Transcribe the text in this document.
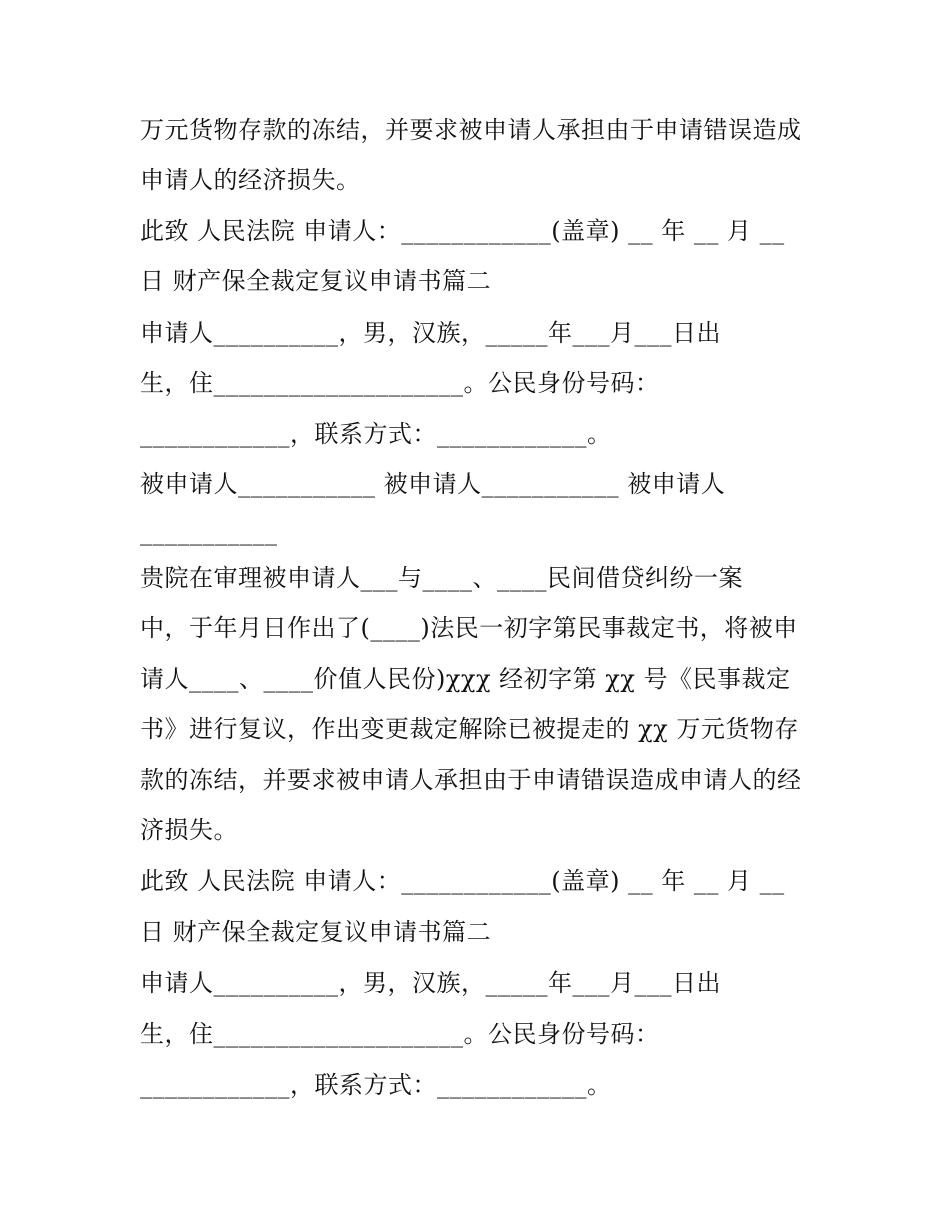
万元货物存款的冻结，并要求被申请人承担由于申请错误造成
申请人的经济损失。
此致 人民法院 申请人：____________(盖章) __ 年 __ 月 __
日 财产保全裁定复议申请书篇二
申请人__________，男，汉族，_____年___月___日出
生，住____________________。公民身份号码：
____________，联系方式：____________。
被申请人___________ 被申请人___________ 被申请人
___________
贵院在审理被申请人___与____、____民间借贷纠纷一案
中，于年月日作出了(____)法民一初字第民事裁定书，将被申
请人____、____价值人民份)χχχ 经初字第 χχ 号《民事裁定
书》进行复议，作出变更裁定解除已被提走的 χχ 万元货物存
款的冻结，并要求被申请人承担由于申请错误造成申请人的经
济损失。
此致 人民法院 申请人：____________(盖章) __ 年 __ 月 __
日 财产保全裁定复议申请书篇二
申请人__________，男，汉族，_____年___月___日出
生，住____________________。公民身份号码：
____________，联系方式：____________。
